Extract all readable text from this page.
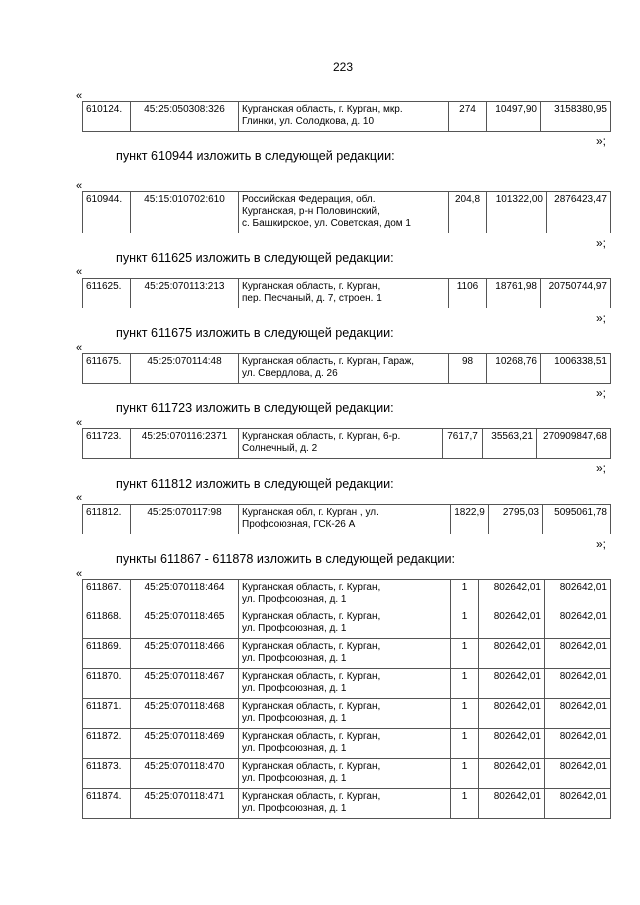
223
«
610124.	45:25:050308:326	Курганская область, г. Курган, мкр.
Глинки, ул. Солодкова, д. 10
	274	10497,90	3158380,95
»;
пункт 610944 изложить в следующей редакции:
«
610944.	45:15:010702:610	Российская Федерация, обл.
Курганская, р-н Половинский,
с. Башкирское, ул. Советская, дом 1
	204,8	101322,00	2876423,47
»;
пункт 611625 изложить в следующей редакции:
«
611625.	45:25:070113:213	Курганская область, г. Курган,
пер. Песчаный, д. 7, строен. 1
	1106	18761,98	20750744,97
»;
пункт 611675 изложить в следующей редакции:
«
611675.	45:25:070114:48	Курганская область, г. Курган, Гараж,
ул. Свердлова, д. 26
	98	10268,76	1006338,51
»;
пункт 611723 изложить в следующей редакции:
«
611723.	45:25:070116:2371	Курганская область, г. Курган, 6-р.
Солнечный, д. 2
	7617,7	35563,21	270909847,68
»;
пункт 611812 изложить в следующей редакции:
«
611812.	45:25:070117:98	Курганская обл, г. Курган , ул.
Профсоюзная, ГСК-26 А
	1822,9	2795,03	5095061,78
»;
пункты 611867 - 611878 изложить в следующей редакции:
«
611867.	45:25:070118:464	Курганская область, г. Курган,
ул. Профсоюзная, д. 1	1	802642,01	802642,01
611868.	45:25:070118:465	Курганская область, г. Курган,
ул. Профсоюзная, д. 1	1	802642,01	802642,01
611869.	45:25:070118:466	Курганская область, г. Курган,
ул. Профсоюзная, д. 1	1	802642,01	802642,01
611870.	45:25:070118:467	Курганская область, г. Курган,
ул. Профсоюзная, д. 1	1	802642,01	802642,01
611871.	45:25:070118:468	Курганская область, г. Курган,
ул. Профсоюзная, д. 1	1	802642,01	802642,01
611872.	45:25:070118:469	Курганская область, г. Курган,
ул. Профсоюзная, д. 1	1	802642,01	802642,01
611873.	45:25:070118:470	Курганская область, г. Курган,
ул. Профсоюзная, д. 1	1	802642,01	802642,01
611874.	45:25:070118:471	Курганская область, г. Курган,
ул. Профсоюзная, д. 1	1	802642,01	802642,01
